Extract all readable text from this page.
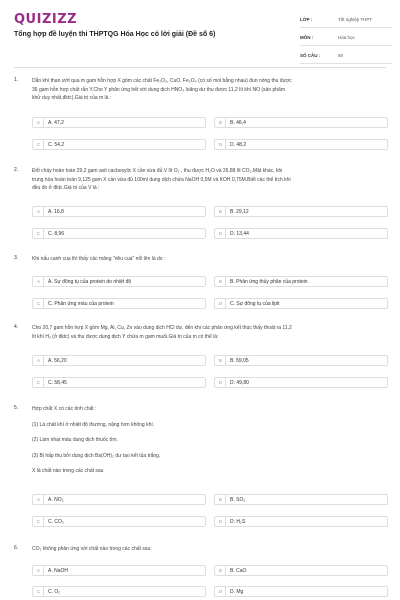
QUIZIZZ
Tổng hợp đề luyện thi THPTQG Hóa Học có lời giải (Đề số 6)
LỚP :	Tốt nghiệp THPT
MÔN :	Hóa học
SỐ CÂU :	50
1.	Dẫn khí than ướt qua m gam hỗn hợp X gồm các chất Fe₂O₃, CuO, Fe₃O₄ (có số mol bằng nhau) đun nóng thu được

36 gam hỗn hợp chất rắn Y.Cho Y phản ứng hết với dung dịch HNO₃ loãng dư thu được 11,2 lít khí NO (sản phẩm

khử duy nhất,đktc).Giá trị của m là :

A	A. 47,2	B	B. 46,4
C	C. 54,2	D	D. 48,2
2.	Đốt cháy hoàn toàn 29,2 gam axit cacboxylic X cần vừa đủ V lít O₂ , thu được H₂O và 26,88 lít CO₂.Mặt khác, khi

trung hòa hoàn toàn 9,125 gam X cần vừa đủ 100ml dung dịch chứa NaOH 0,5M và KOH 0,75M.Biết các thể tích khí

đều đo ở đktc.Giá trị của V là :

A	A. 16,8	B	B. 29,12
C	C. 8,96	D	D. 13,44
3.	Khi nấu canh cua thì thấy các mảng "riêu cua" nổi lên là do :

A	A. Sự đông tụ của protein do nhiệt độ	B	B. Phản ứng thủy phân của protein
C	C. Phản ứng màu của protein	D	C. Sự đông tụ của lipit
4.	Cho 20,7 gam hỗn hợp X gồm Mg, Al, Cu, Zn vào dung dịch HCl dư, đến khi các phản ứng kết thúc thấy thoát ra 11,2

lít khí H₂ (ở đktc) và thu được dung dịch Y chứa m gam muối.Giá trị của m có thể là:

A	A. 56,20	B	B. 59,05
C	C. 58,45	D	D. 49,80
5.	Hợp chất X có các tính chất :

(1) Là chất khí ở nhiệt độ thường, nặng hơn không khí.

(2) Làm nhạt màu dung dịch thuốc tím.

(3) Bị hấp thụ bởi dung dịch Ba(OH)₂ dư tạo kết tủa trắng.

X là chất nào trong các chất sau

A	A. NO₂	B	B. SO₂
C	C. CO₂	D	D. H₂S
6.	CO₂ không phản ứng với chất nào trong các chất sau:

A	A. NaOH	B	B. CaO
C	C. O₂	D	D. Mg
